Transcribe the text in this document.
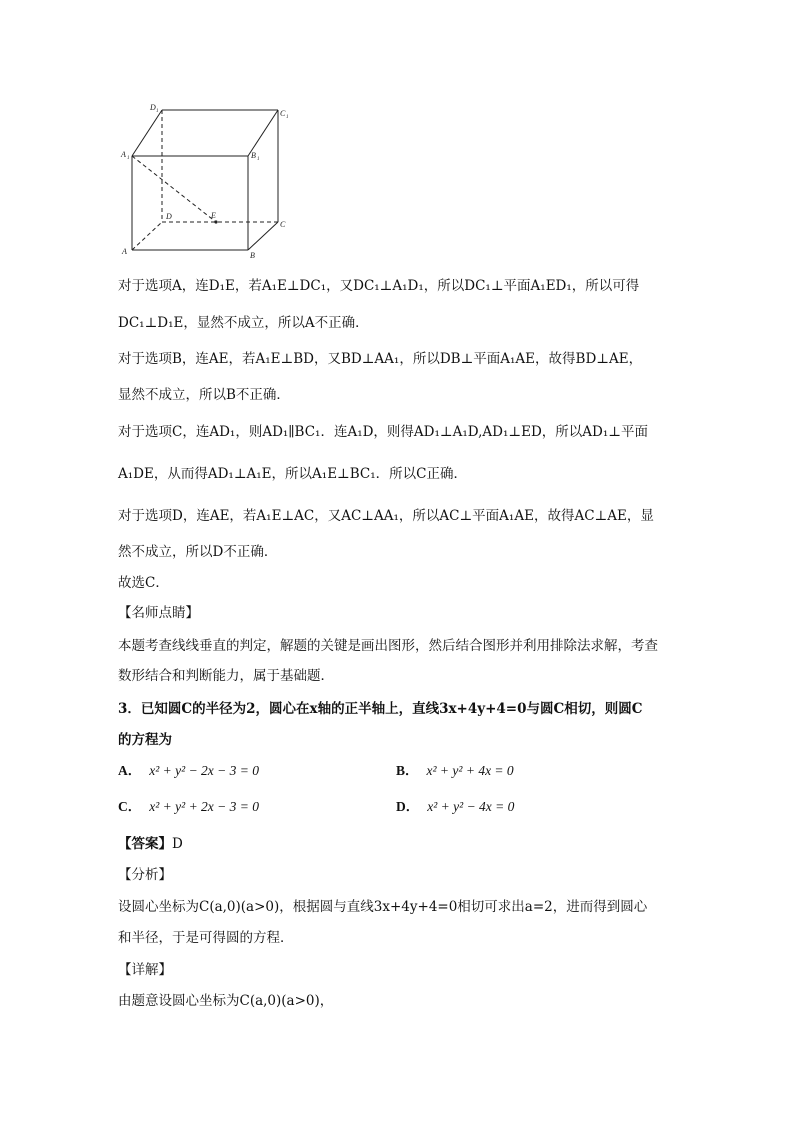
D 1	C 1
A 1	B 1
D	E
C
A	B
对于选项A，连D₁E，若A₁E⊥DC₁，又DC₁⊥A₁D₁，所以DC₁⊥平面A₁ED₁，所以可得
DC₁⊥D₁E，显然不成立，所以A不正确．
对于选项B，连AE，若A₁E⊥BD，又BD⊥AA₁，所以DB⊥平面A₁AE，故得BD⊥AE，
显然不成立，所以B不正确．
对于选项C，连AD₁，则AD₁∥BC₁．连A₁D，则得AD₁⊥A₁D,AD₁⊥ED，所以AD₁⊥平面
A₁DE，从而得AD₁⊥A₁E，所以A₁E⊥BC₁．所以C正确．
对于选项D，连AE，若A₁E⊥AC，又AC⊥AA₁，所以AC⊥平面A₁AE，故得AC⊥AE，显
然不成立，所以D不正确．
故选C．
【名师点睛】
本题考查线线垂直的判定，解题的关键是画出图形，然后结合图形并利用排除法求解，考查
数形结合和判断能力，属于基础题．
3．已知圆C的半径为2，圆心在x轴的正半轴上，直线3x+4y+4=0与圆C相切，则圆C
的方程为
A． x² + y² − 2x − 3 = 0	B． x² + y² + 4x = 0
C． x² + y² + 2x − 3 = 0	D． x² + y² − 4x = 0
【答案】D
【分析】
设圆心坐标为C(a,0)(a>0)，根据圆与直线3x+4y+4=0相切可求出a=2，进而得到圆心
和半径，于是可得圆的方程．
【详解】
由题意设圆心坐标为C(a,0)(a>0)，
